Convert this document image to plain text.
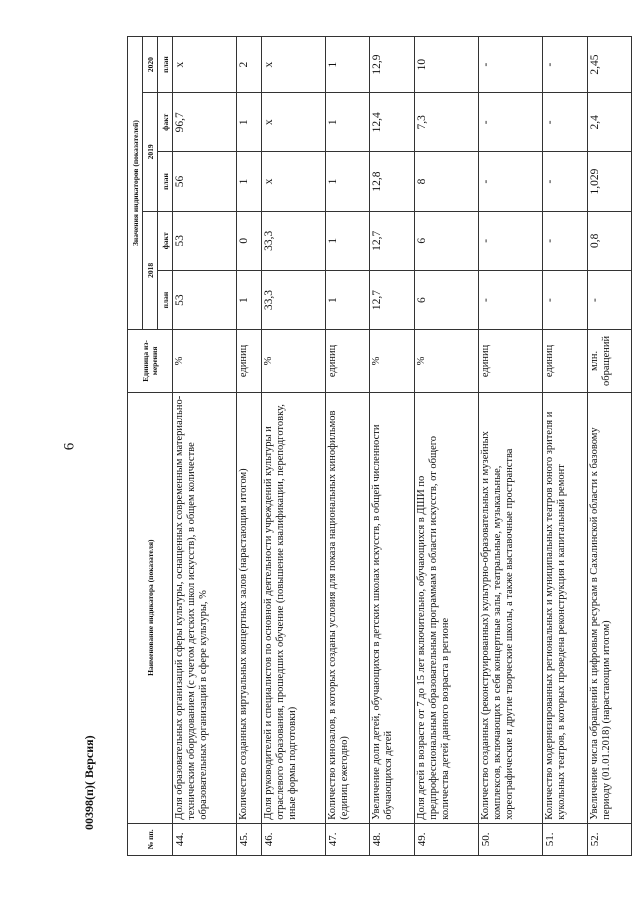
6
00398(п)( Версия)
№ пп.	Наименование индикатора (показателя)	Единица из-мерения	Значения индикаторов (показателей)				
			2018		2019		2020
			план	факт	план	факт	план
44.	Доля образовательных организаций сферы культуры, оснащенных современным материально-техническим оборудованием (с учетом детских школ искусств), в общем количестве образовательных организаций в сфере культуры, %	%	53	53	56	96,7	x
45.	Количество созданных виртуальных концертных залов (нарастающим итогом)	единиц	1	0	1	1	2
46.	Доля руководителей и специалистов по основной деятельности учреждений культуры и отраслевого образования, прошедших обучение (повышение квалификации, переподготовку, иные формы подготовки)	%	33,3	33,3	x	x	x
47.	Количество кинозалов, в которых созданы условия для показа национальных кинофильмов (единиц ежегодно)	единиц	1	1	1	1	1
48.	Увеличение доли детей, обучающихся в детских школах искусств, в общей численности обучающихся детей	%	12,7	12,7	12,8	12,4	12,9
49.	Доля детей в возрасте от 7 до 15 лет включительно, обучающихся в ДШИ по предпрофессиональным образовательным программам в области искусств, от общего количества детей данного возраста в регионе	%	6	6	8	7,3	10
50.	Количество созданных (реконструированных) культурно-образовательных и музейных комплексов, включающих в себя концертные залы, театральные, музыкальные, хореографические и другие творческие школы, а также выставочные пространства	единиц	-	-	-	-	-
51.	Количество модернизированных региональных и муниципальных театров юного зрителя и кукольных театров, в которых проведена реконструкция и капитальный ремонт	единиц	-	-	-	-	-
52.	Увеличение числа обращений к цифровым ресурсам в Сахалинской области к базовому периоду (01.01.2018) (нарастающим итогом)	млн. обращений	-	0,8	1,029	2,4	2,45
